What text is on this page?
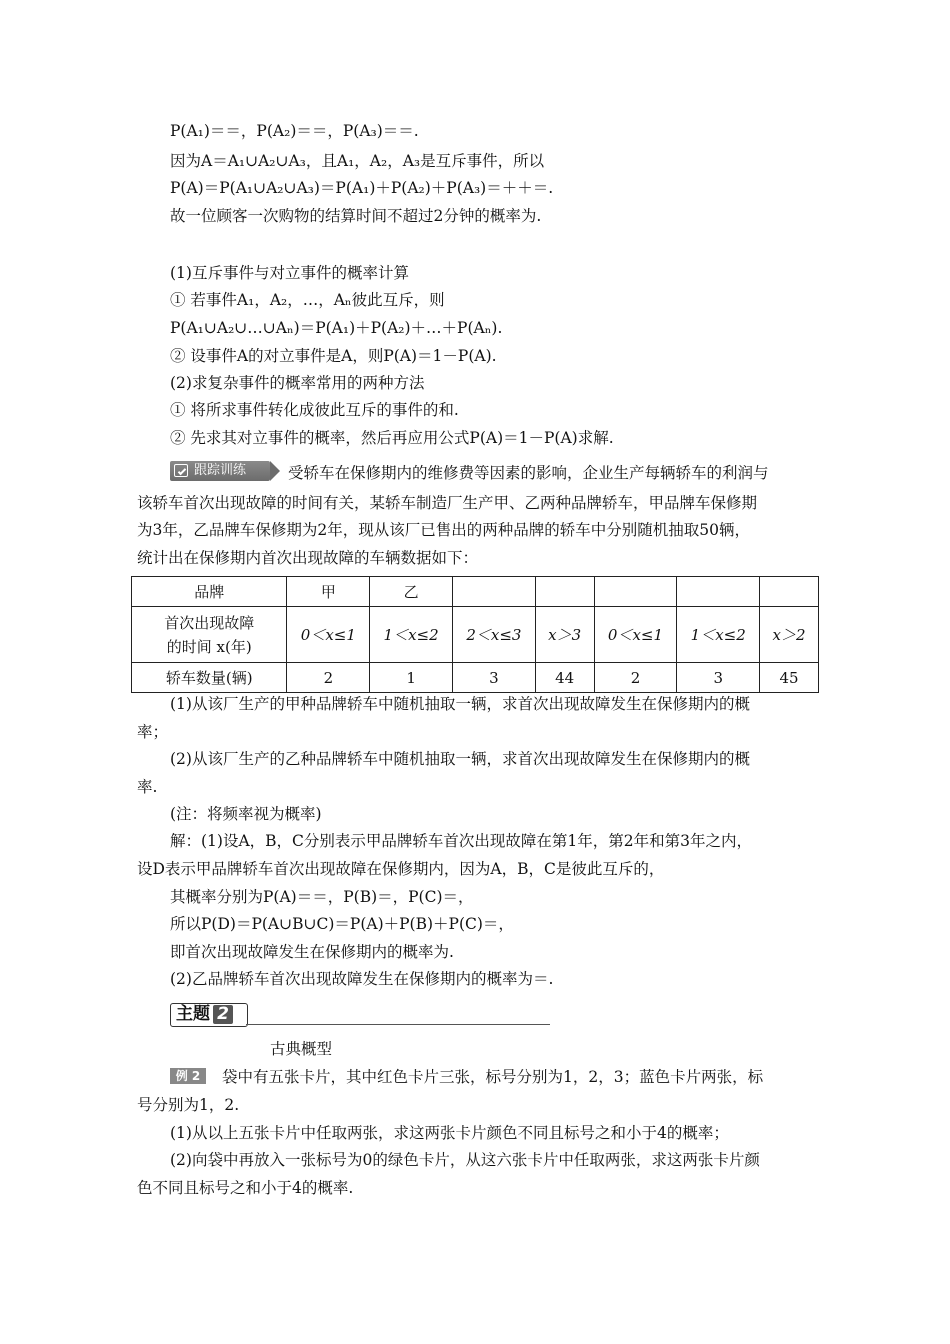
P(A₁)＝＝，P(A₂)＝＝，P(A₃)＝＝.
因为A＝A₁∪A₂∪A₃，且A₁，A₂，A₃是互斥事件，所以
P(A)＝P(A₁∪A₂∪A₃)＝P(A₁)＋P(A₂)＋P(A₃)＝＋＋＝.
故一位顾客一次购物的结算时间不超过2分钟的概率为.
(1)互斥事件与对立事件的概率计算
① 若事件A₁，A₂，…，Aₙ彼此互斥，则
P(A₁∪A₂∪…∪Aₙ)＝P(A₁)＋P(A₂)＋…＋P(Aₙ).
② 设事件A的对立事件是A，则P(A)＝1－P(A).
(2)求复杂事件的概率常用的两种方法
① 将所求事件转化成彼此互斥的事件的和.
② 先求其对立事件的概率，然后再应用公式P(A)＝1－P(A)求解.
跟踪训练	受轿车在保修期内的维修费等因素的影响，企业生产每辆轿车的利润与
该轿车首次出现故障的时间有关，某轿车制造厂生产甲、乙两种品牌轿车，甲品牌车保修期
为3年，乙品牌车保修期为2年，现从该厂已售出的两种品牌的轿车中分别随机抽取50辆，
统计出在保修期内首次出现故障的车辆数据如下：
品牌	甲	乙					

首次出现故障
的时间 x(年)	0＜x≤1	1＜x≤2	2＜x≤3	x＞3	0＜x≤1	1＜x≤2	x＞2
轿车数量(辆)	2	1	3	44	2	3	45
(1)从该厂生产的甲种品牌轿车中随机抽取一辆，求首次出现故障发生在保修期内的概
率；
(2)从该厂生产的乙种品牌轿车中随机抽取一辆，求首次出现故障发生在保修期内的概
率.
(注：将频率视为概率)
解：(1)设A，B，C分别表示甲品牌轿车首次出现故障在第1年，第2年和第3年之内，
设D表示甲品牌轿车首次出现故障在保修期内，因为A，B，C是彼此互斥的，
其概率分别为P(A)＝＝，P(B)＝，P(C)＝，
所以P(D)＝P(A∪B∪C)＝P(A)＋P(B)＋P(C)＝，
即首次出现故障发生在保修期内的概率为.
(2)乙品牌轿车首次出现故障发生在保修期内的概率为＝.
主题 2
古典概型
例 2	袋中有五张卡片，其中红色卡片三张，标号分别为1，2，3；蓝色卡片两张，标
号分别为1，2.
(1)从以上五张卡片中任取两张，求这两张卡片颜色不同且标号之和小于4的概率；
(2)向袋中再放入一张标号为0的绿色卡片，从这六张卡片中任取两张，求这两张卡片颜
色不同且标号之和小于4的概率.
